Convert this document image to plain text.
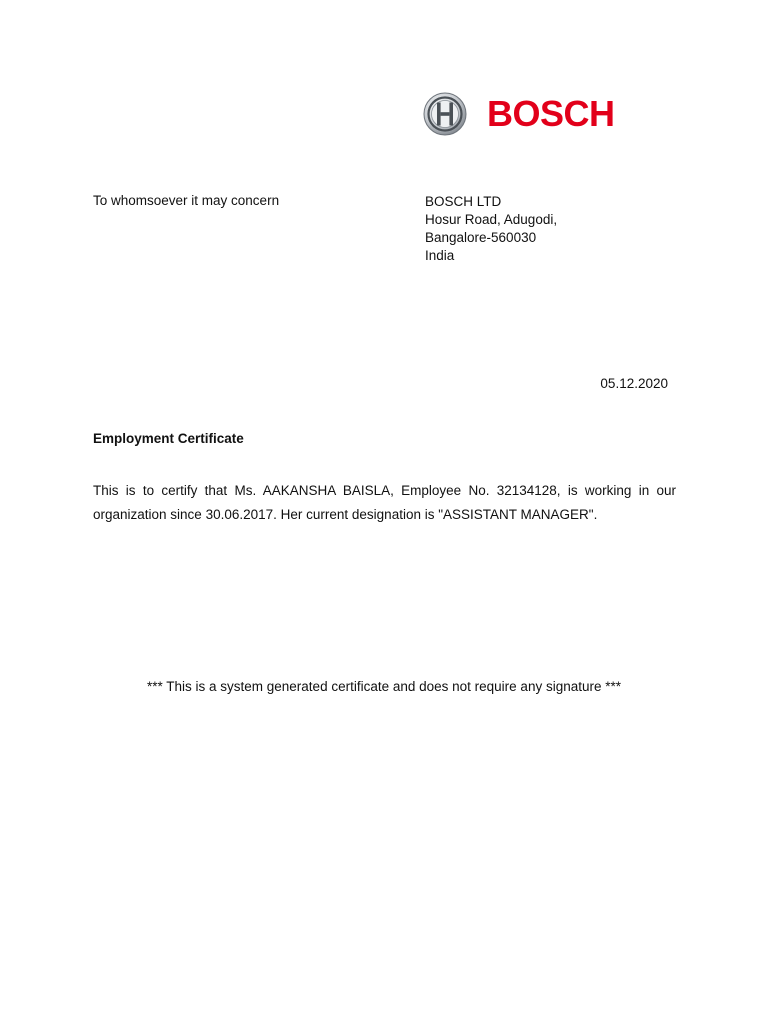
BOSCH
To whomsoever it may concern	BOSCH LTD
Hosur Road, Adugodi,
Bangalore-560030
India
05.12.2020
Employment Certificate
This is to certify that Ms. AAKANSHA BAISLA, Employee No. 32134128, is working in our organization since 30.06.2017. Her current designation is "ASSISTANT MANAGER".
*** This is a system generated certificate and does not require any signature ***
